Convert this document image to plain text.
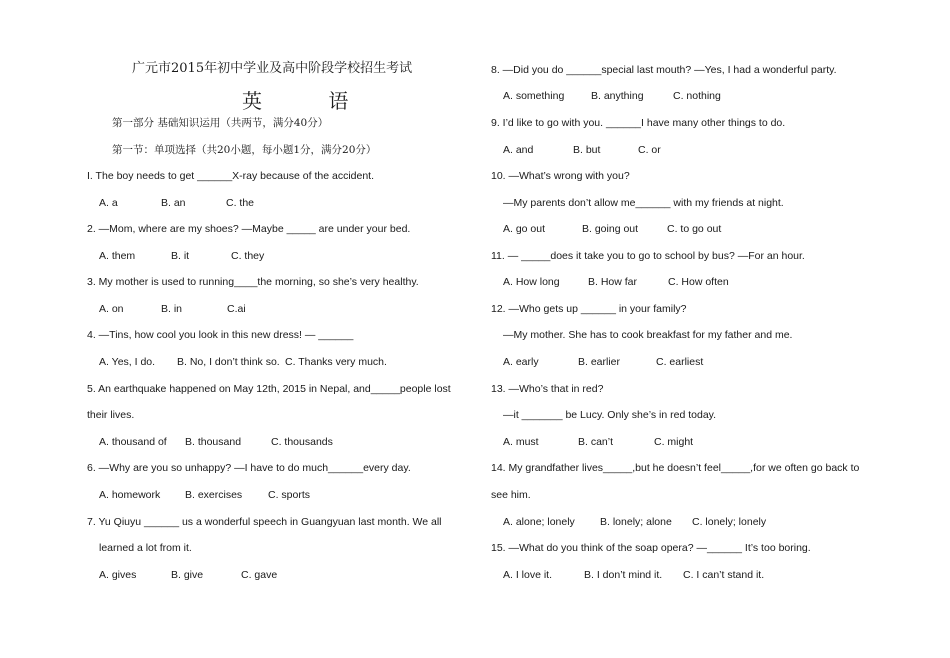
广元市2015年初中学业及高中阶段学校招生考试
英 语
第一部分 基础知识运用（共两节，满分40分）
第一节：单项选择（共20小题，每小题1分，满分20分）
I. The boy needs to get ______X-ray because of the accident.
A. a	B. an	C. the
2. —Mom, where are my shoes? —Maybe _____ are under your bed.
A. them	B. it	C. they
3. My mother is used to running____the morning, so she’s very healthy.
A. on	B. in	C.ai
4. —Tins, how cool you look in this new dress! — ______
A. Yes, I do. B. No, I don’t think so. C. Thanks very much.
5. An earthquake happened on May 12th, 2015 in Nepal, and_____people lost
their lives.
A. thousand of B. thousand	C. thousands
6. —Why are you so unhappy? —I have to do much______every day.
A. homework B. exercises C. sports
7. Yu Qiuyu ______ us a wonderful speech in Guangyuan last month. We all
learned a lot from it.
A. gives	B. give	C. gave
8. —Did you do ______special last mouth? —Yes, I had a wonderful party.
A. something	B. anything	C. nothing
9. I’d like to go with you. ______I have many other things to do.
A. and	B. but	C. or
10. —What’s wrong with you?
—My parents don’t allow me______ with my friends at night.
A. go out	B. going out	C. to go out
11. — _____does it take you to go to school by bus? —For an hour.
A. How long	B. How far	C. How often
12. —Who gets up ______ in your family?
—My mother. She has to cook breakfast for my father and me.
A. early	B. earlier	C. earliest
13. —Who’s that in red?
—it _______ be Lucy. Only she’s in red today.
A. must	B. can’t	C. might
14. My grandfather lives_____,but he doesn’t feel_____,for we often go back to
see him.
A. alone; lonely B. lonely; alone C. lonely; lonely
15. —What do you think of the soap opera? —______ It’s too boring.
A. I love it.	B. I don’t mind it. C. I can’t stand it.
